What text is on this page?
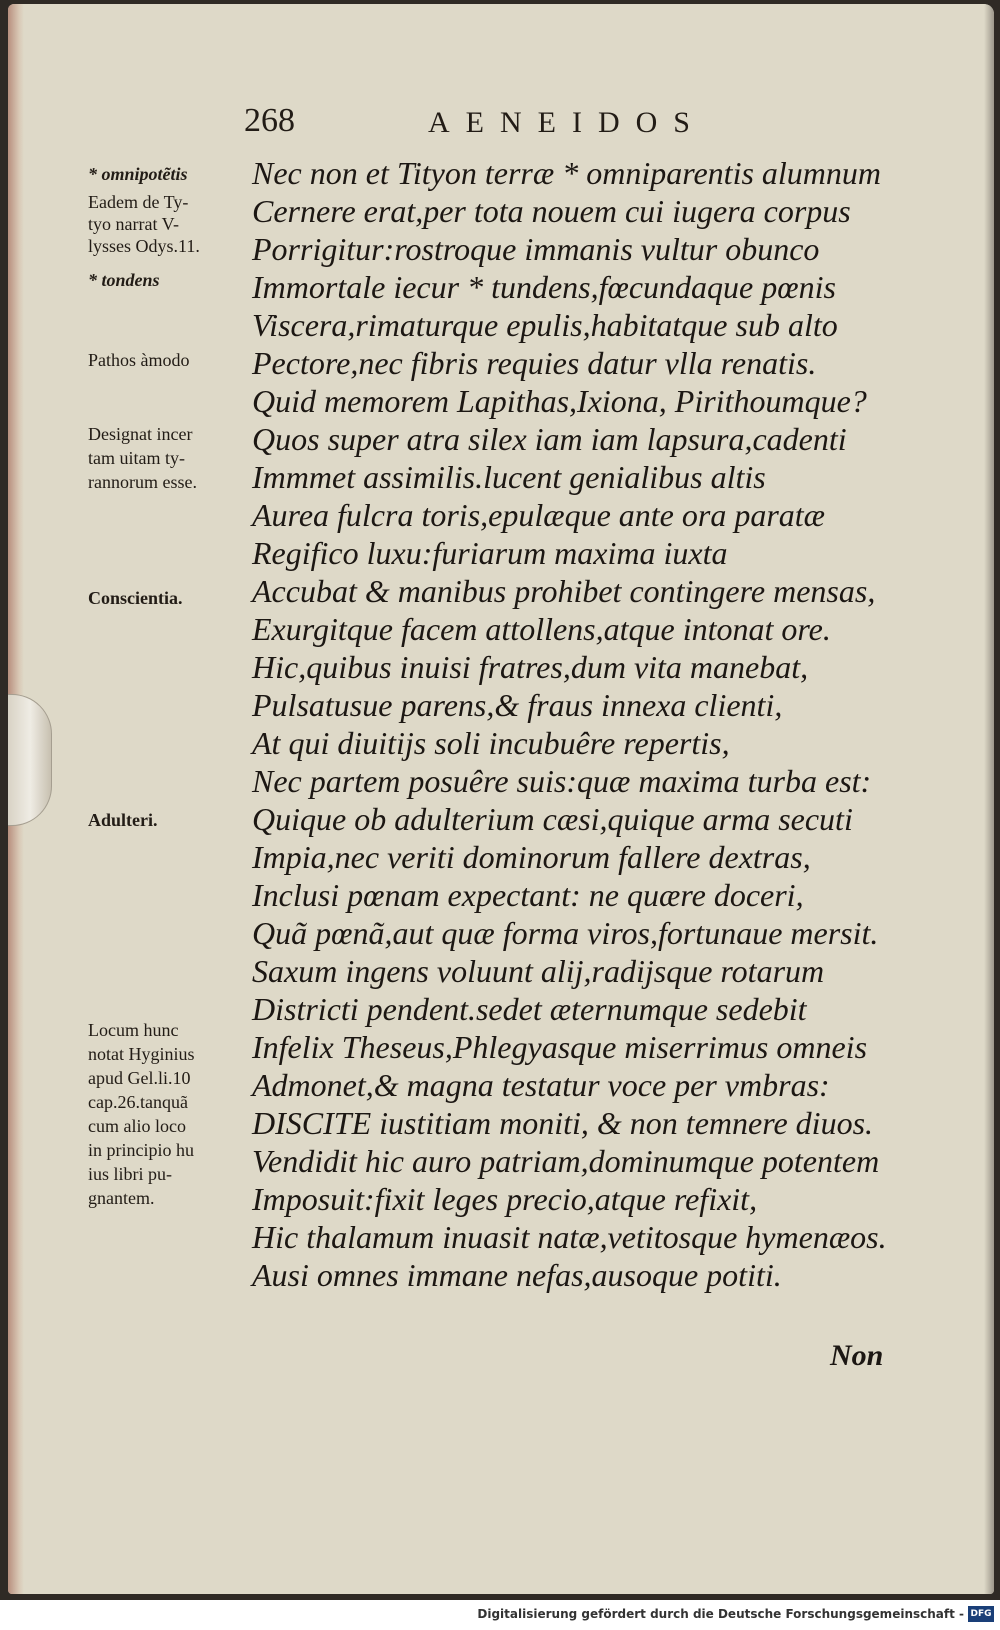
268	AENEIDOS
* omnipotẽtis
Eadem de Ty-
tyo narrat V-
lysses Odys.11.
* tondens
Pathos àmodo
Designat incer
tam uitam ty-
rannorum esse.
Conscientia.
Adulteri.
Locum hunc
notat Hyginius
apud Gel.li.10
cap.26.tanquã
cum alio loco
in principio hu
ius libri pu-
gnantem.
Nec non et Tityon terræ * omniparentis alumnum
Cernere erat,per tota nouem cui iugera corpus
Porrigitur:rostroque immanis vultur obunco
Immortale iecur * tundens,fœcundaque pœnis
Viscera,rimaturque epulis,habitatque sub alto
Pectore,nec fibris requies datur vlla renatis.
Quid memorem Lapithas,Ixiona, Pirithoumque?
Quos super atra silex iam iam lapsura,cadenti
Immmet assimilis.lucent genialibus altis
Aurea fulcra toris,epulæque ante ora paratæ
Regifico luxu:furiarum maxima iuxta
Accubat & manibus prohibet contingere mensas,
Exurgitque facem attollens,atque intonat ore.
Hic,quibus inuisi fratres,dum vita manebat,
Pulsatusue parens,& fraus innexa clienti,
At qui diuitijs soli incubuêre repertis,
Nec partem posuêre suis:quæ maxima turba est:
Quique ob adulterium cæsi,quique arma secuti
Impia,nec veriti dominorum fallere dextras,
Inclusi pœnam expectant: ne quære doceri,
Quã pœnã,aut quæ forma viros,fortunaue mersit.
Saxum ingens voluunt alij,radijsque rotarum
Districti pendent.sedet æternumque sedebit
Infelix Theseus,Phlegyasque miserrimus omneis
Admonet,& magna testatur voce per vmbras:
DISCITE iustitiam moniti, & non temnere diuos.
Vendidit hic auro patriam,dominumque potentem
Imposuit:fixit leges precio,atque refixit,
Hic thalamum inuasit natæ,vetitosque hymenæos.
Ausi omnes immane nefas,ausoque potiti.
Non
Digitalisierung gefördert durch die Deutsche Forschungsgemeinschaft - DFG
